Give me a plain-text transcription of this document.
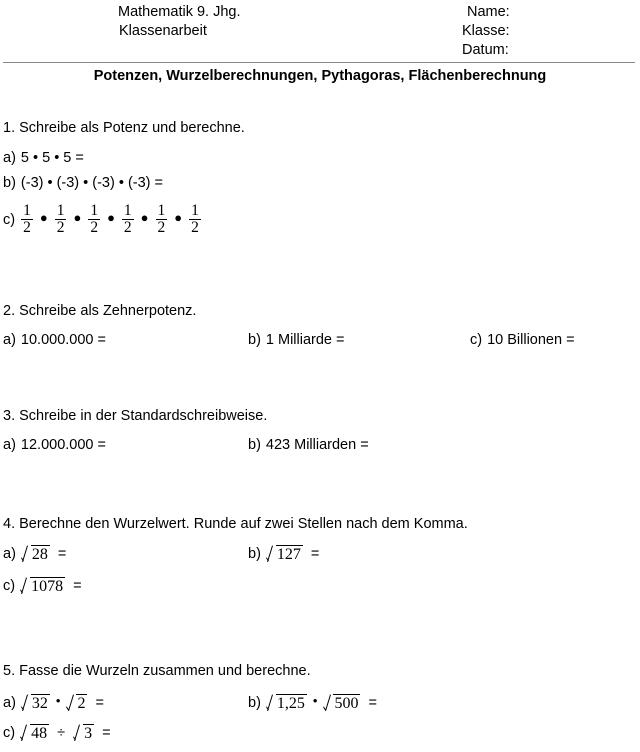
Mathematik 9. Jhg.
Klassenarbeit
Name:
Klasse:
Datum:
Potenzen, Wurzelberechnungen, Pythagoras, Flächenberechnung
1. Schreibe als Potenz und berechne.
a) 5 • 5 • 5 =
b) (-3) • (-3) • (-3) • (-3) =
$c) \frac{1}{2}$ ● $\frac{1}{2}$ ● $\frac{1}{2}$ ● $\frac{1}{2}$ ● $\frac{1}{2}$ ● $\frac{1}{2}$
2. Schreibe als Zehnerpotenz.
a) 10.000.000 =	b) 1 Milliarde =	c) 10 Billionen =
3. Schreibe in der Standardschreibweise.
a) 12.000.000 =	b) 423 Milliarden =
4. Berechne den Wurzelwert. Runde auf zwei Stellen nach dem Komma.
a) 28 =	b) 127 =
c) 1078 =
5. Fasse die Wurzeln zusammen und berechne.
a) 32 • 2 =	b) 1,25 • 500 =
c) 48 ÷ 3 =
